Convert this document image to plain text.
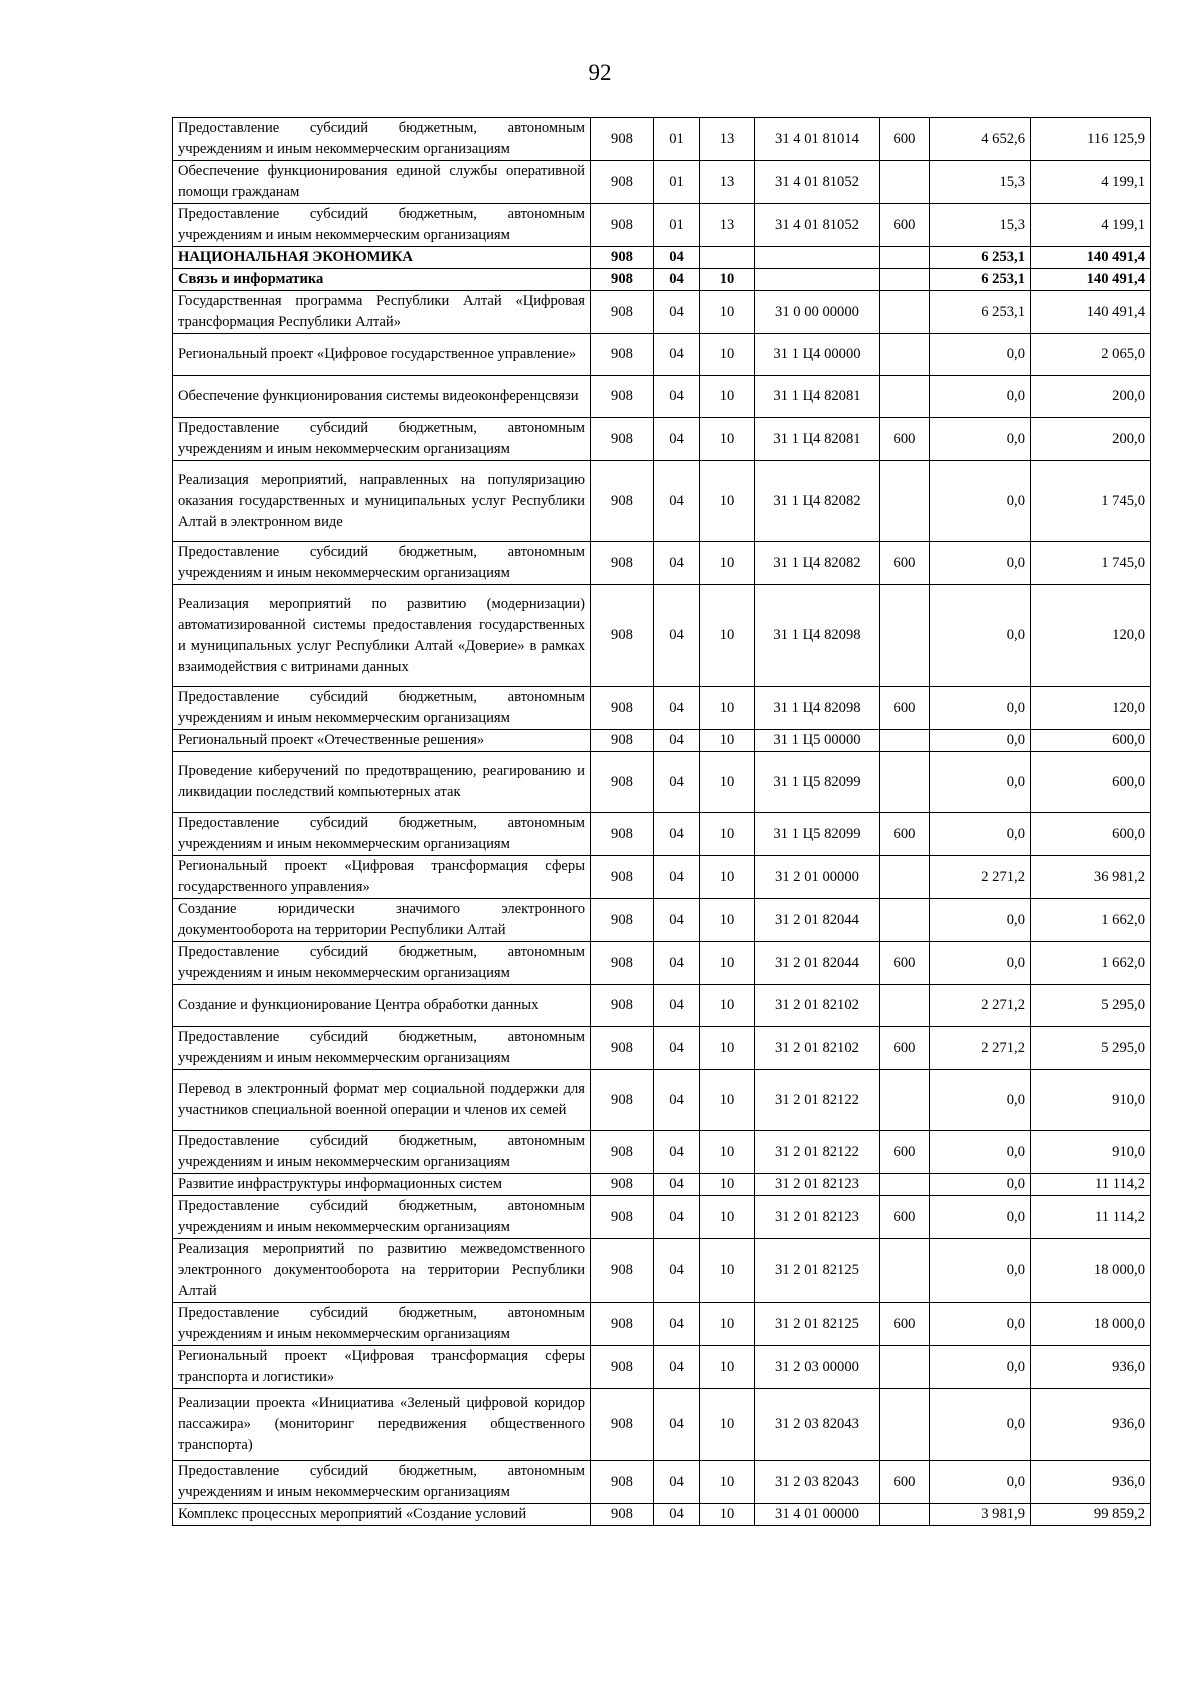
92
Предоставление субсидий бюджетным, автономным учреждениям и иным некоммерческим организациям	908	01	13	31 4 01 81014	600	4 652,6	116 125,9
Обеспечение функционирования единой службы оперативной помощи гражданам	908	01	13	31 4 01 81052		15,3	4 199,1
Предоставление субсидий бюджетным, автономным учреждениям и иным некоммерческим организациям	908	01	13	31 4 01 81052	600	15,3	4 199,1
НАЦИОНАЛЬНАЯ ЭКОНОМИКА	908	04				6 253,1	140 491,4
Связь и информатика	908	04	10			6 253,1	140 491,4
Государственная программа Республики Алтай «Цифровая трансформация Республики Алтай»	908	04	10	31 0 00 00000		6 253,1	140 491,4
Региональный проект «Цифровое государственное управление»	908	04	10	31 1 Ц4 00000		0,0	2 065,0
Обеспечение функционирования системы видеоконференцсвязи	908	04	10	31 1 Ц4 82081		0,0	200,0
Предоставление субсидий бюджетным, автономным учреждениям и иным некоммерческим организациям	908	04	10	31 1 Ц4 82081	600	0,0	200,0
Реализация мероприятий, направленных на популяризацию оказания государственных и муниципальных услуг Республики Алтай в электронном виде	908	04	10	31 1 Ц4 82082		0,0	1 745,0
Предоставление субсидий бюджетным, автономным учреждениям и иным некоммерческим организациям	908	04	10	31 1 Ц4 82082	600	0,0	1 745,0
Реализация мероприятий по развитию (модернизации) автоматизированной системы предоставления государственных и муниципальных услуг Республики Алтай «Доверие» в рамках взаимодействия с витринами данных	908	04	10	31 1 Ц4 82098		0,0	120,0
Предоставление субсидий бюджетным, автономным учреждениям и иным некоммерческим организациям	908	04	10	31 1 Ц4 82098	600	0,0	120,0
Региональный проект «Отечественные решения»	908	04	10	31 1 Ц5 00000		0,0	600,0
Проведение киберучений по предотвращению, реагированию и ликвидации последствий компьютерных атак	908	04	10	31 1 Ц5 82099		0,0	600,0
Предоставление субсидий бюджетным, автономным учреждениям и иным некоммерческим организациям	908	04	10	31 1 Ц5 82099	600	0,0	600,0
Региональный проект «Цифровая трансформация сферы государственного управления»	908	04	10	31 2 01 00000		2 271,2	36 981,2
Создание юридически значимого электронного документооборота на территории Республики Алтай	908	04	10	31 2 01 82044		0,0	1 662,0
Предоставление субсидий бюджетным, автономным учреждениям и иным некоммерческим организациям	908	04	10	31 2 01 82044	600	0,0	1 662,0
Создание и функционирование Центра обработки данных	908	04	10	31 2 01 82102		2 271,2	5 295,0
Предоставление субсидий бюджетным, автономным учреждениям и иным некоммерческим организациям	908	04	10	31 2 01 82102	600	2 271,2	5 295,0
Перевод в электронный формат мер социальной поддержки для участников специальной военной операции и членов их семей	908	04	10	31 2 01 82122		0,0	910,0
Предоставление субсидий бюджетным, автономным учреждениям и иным некоммерческим организациям	908	04	10	31 2 01 82122	600	0,0	910,0
Развитие инфраструктуры информационных систем	908	04	10	31 2 01 82123		0,0	11 114,2
Предоставление субсидий бюджетным, автономным учреждениям и иным некоммерческим организациям	908	04	10	31 2 01 82123	600	0,0	11 114,2
Реализация мероприятий по развитию межведомственного электронного документооборота на территории Республики Алтай	908	04	10	31 2 01 82125		0,0	18 000,0
Предоставление субсидий бюджетным, автономным учреждениям и иным некоммерческим организациям	908	04	10	31 2 01 82125	600	0,0	18 000,0
Региональный проект «Цифровая трансформация сферы транспорта и логистики»	908	04	10	31 2 03 00000		0,0	936,0
Реализации проекта «Инициатива «Зеленый цифровой коридор пассажира» (мониторинг передвижения общественного транспорта)	908	04	10	31 2 03 82043		0,0	936,0
Предоставление субсидий бюджетным, автономным учреждениям и иным некоммерческим организациям	908	04	10	31 2 03 82043	600	0,0	936,0
Комплекс процессных мероприятий «Создание условий	908	04	10	31 4 01 00000		3 981,9	99 859,2
